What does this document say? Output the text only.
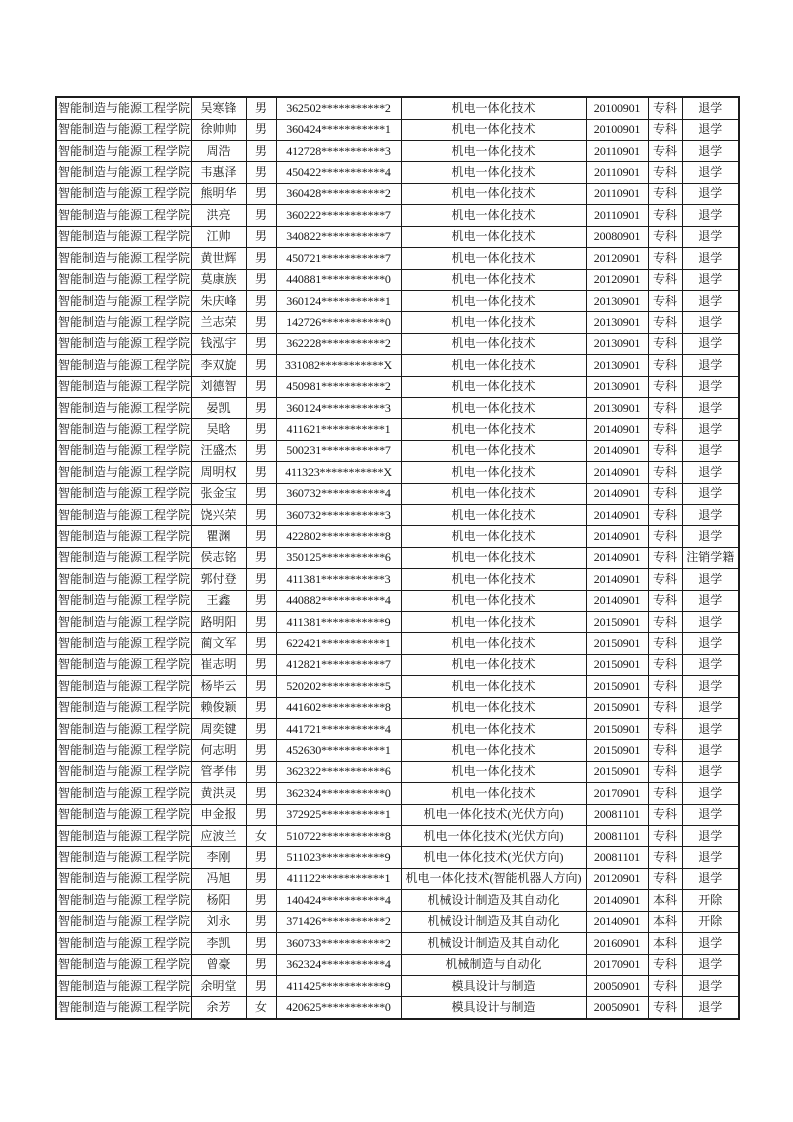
智能制造与能源工程学院	吴寒锋	男	362502***********2	机电一体化技术	20100901	专科	退学
智能制造与能源工程学院	徐帅帅	男	360424***********1	机电一体化技术	20100901	专科	退学
智能制造与能源工程学院	周浩	男	412728***********3	机电一体化技术	20110901	专科	退学
智能制造与能源工程学院	韦惠泽	男	450422***********4	机电一体化技术	20110901	专科	退学
智能制造与能源工程学院	熊明华	男	360428***********2	机电一体化技术	20110901	专科	退学
智能制造与能源工程学院	洪亮	男	360222***********7	机电一体化技术	20110901	专科	退学
智能制造与能源工程学院	江帅	男	340822***********7	机电一体化技术	20080901	专科	退学
智能制造与能源工程学院	黄世辉	男	450721***********7	机电一体化技术	20120901	专科	退学
智能制造与能源工程学院	莫康族	男	440881***********0	机电一体化技术	20120901	专科	退学
智能制造与能源工程学院	朱庆峰	男	360124***********1	机电一体化技术	20130901	专科	退学
智能制造与能源工程学院	兰志荣	男	142726***********0	机电一体化技术	20130901	专科	退学
智能制造与能源工程学院	钱泓宇	男	362228***********2	机电一体化技术	20130901	专科	退学
智能制造与能源工程学院	李双旋	男	331082***********X	机电一体化技术	20130901	专科	退学
智能制造与能源工程学院	刘德智	男	450981***********2	机电一体化技术	20130901	专科	退学
智能制造与能源工程学院	晏凯	男	360124***********3	机电一体化技术	20130901	专科	退学
智能制造与能源工程学院	吴晗	男	411621***********1	机电一体化技术	20140901	专科	退学
智能制造与能源工程学院	汪盛杰	男	500231***********7	机电一体化技术	20140901	专科	退学
智能制造与能源工程学院	周明权	男	411323***********X	机电一体化技术	20140901	专科	退学
智能制造与能源工程学院	张金宝	男	360732***********4	机电一体化技术	20140901	专科	退学
智能制造与能源工程学院	饶兴荣	男	360732***********3	机电一体化技术	20140901	专科	退学
智能制造与能源工程学院	瞿渊	男	422802***********8	机电一体化技术	20140901	专科	退学
智能制造与能源工程学院	侯志铭	男	350125***********6	机电一体化技术	20140901	专科	注销学籍
智能制造与能源工程学院	郭付登	男	411381***********3	机电一体化技术	20140901	专科	退学
智能制造与能源工程学院	王鑫	男	440882***********4	机电一体化技术	20140901	专科	退学
智能制造与能源工程学院	路明阳	男	411381***********9	机电一体化技术	20150901	专科	退学
智能制造与能源工程学院	蔺文军	男	622421***********1	机电一体化技术	20150901	专科	退学
智能制造与能源工程学院	崔志明	男	412821***********7	机电一体化技术	20150901	专科	退学
智能制造与能源工程学院	杨毕云	男	520202***********5	机电一体化技术	20150901	专科	退学
智能制造与能源工程学院	赖俊颖	男	441602***********8	机电一体化技术	20150901	专科	退学
智能制造与能源工程学院	周奕键	男	441721***********4	机电一体化技术	20150901	专科	退学
智能制造与能源工程学院	何志明	男	452630***********1	机电一体化技术	20150901	专科	退学
智能制造与能源工程学院	管孝伟	男	362322***********6	机电一体化技术	20150901	专科	退学
智能制造与能源工程学院	黄洪灵	男	362324***********0	机电一体化技术	20170901	专科	退学
智能制造与能源工程学院	申金报	男	372925***********1	机电一体化技术(光伏方向)	20081101	专科	退学
智能制造与能源工程学院	应波兰	女	510722***********8	机电一体化技术(光伏方向)	20081101	专科	退学
智能制造与能源工程学院	李刚	男	511023***********9	机电一体化技术(光伏方向)	20081101	专科	退学
智能制造与能源工程学院	冯旭	男	411122***********1	机电一体化技术(智能机器人方向)	20120901	专科	退学
智能制造与能源工程学院	杨阳	男	140424***********4	机械设计制造及其自动化	20140901	本科	开除
智能制造与能源工程学院	刘永	男	371426***********2	机械设计制造及其自动化	20140901	本科	开除
智能制造与能源工程学院	李凯	男	360733***********2	机械设计制造及其自动化	20160901	本科	退学
智能制造与能源工程学院	曾豪	男	362324***********4	机械制造与自动化	20170901	专科	退学
智能制造与能源工程学院	余明堂	男	411425***********9	模具设计与制造	20050901	专科	退学
智能制造与能源工程学院	余芳	女	420625***********0	模具设计与制造	20050901	专科	退学
